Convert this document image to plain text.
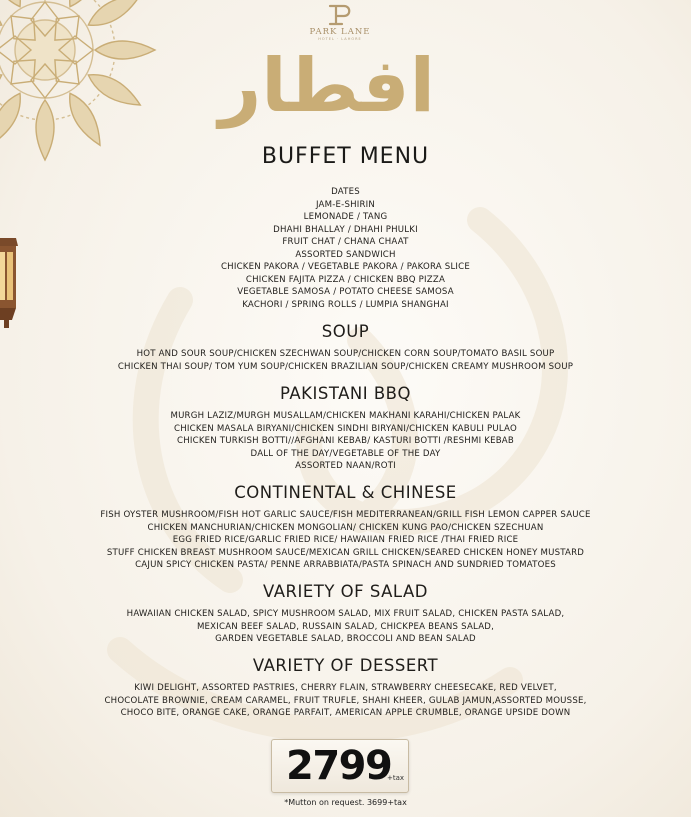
PARK LANE
HOTEL · LAHORE

افطار

BUFFET MENU
DATES
JAM-E-SHIRIN
LEMONADE / TANG
DHAHI BHALLAY / DHAHI PHULKI
FRUIT CHAT / CHANA CHAAT
ASSORTED SANDWICH
CHICKEN PAKORA / VEGETABLE PAKORA / PAKORA SLICE
CHICKEN FAJITA PIZZA / CHICKEN BBQ PIZZA
VEGETABLE SAMOSA / POTATO CHEESE SAMOSA
KACHORI / SPRING ROLLS / LUMPIA SHANGHAI
SOUP
HOT AND SOUR SOUP/CHICKEN SZECHWAN SOUP/CHICKEN CORN SOUP/TOMATO BASIL SOUP
CHICKEN THAI SOUP/ TOM YUM SOUP/CHICKEN BRAZILIAN SOUP/CHICKEN CREAMY MUSHROOM SOUP
PAKISTANI BBQ
MURGH LAZIZ/MURGH MUSALLAM/CHICKEN MAKHANI KARAHI/CHICKEN PALAK
CHICKEN MASALA BIRYANI/CHICKEN SINDHI BIRYANI/CHICKEN KABULI PULAO
CHICKEN TURKISH BOTTI//AFGHANI KEBAB/ KASTURI BOTTI /RESHMI KEBAB
DALL OF THE DAY/VEGETABLE OF THE DAY
ASSORTED NAAN/ROTI
CONTINENTAL & CHINESE
FISH OYSTER MUSHROOM/FISH HOT GARLIC SAUCE/FISH MEDITERRANEAN/GRILL FISH LEMON CAPPER SAUCE
CHICKEN MANCHURIAN/CHICKEN MONGOLIAN/ CHICKEN KUNG PAO/CHICKEN SZECHUAN
EGG FRIED RICE/GARLIC FRIED RICE/ HAWAIIAN FRIED RICE /THAI FRIED RICE
STUFF CHICKEN BREAST MUSHROOM SAUCE/MEXICAN GRILL CHICKEN/SEARED CHICKEN HONEY MUSTARD
CAJUN SPICY CHICKEN PASTA/ PENNE ARRABBIATA/PASTA SPINACH AND SUNDRIED TOMATOES
VARIETY OF SALAD
HAWAIIAN CHICKEN SALAD, SPICY MUSHROOM SALAD, MIX FRUIT SALAD, CHICKEN PASTA SALAD,
MEXICAN BEEF SALAD, RUSSAIN SALAD, CHICKPEA BEANS SALAD,
GARDEN VEGETABLE SALAD, BROCCOLI AND BEAN SALAD
VARIETY OF DESSERT
KIWI DELIGHT, ASSORTED PASTRIES, CHERRY FLAIN, STRAWBERRY CHEESECAKE, RED VELVET,
CHOCOLATE BROWNIE, CREAM CARAMEL, FRUIT TRUFLE, SHAHI KHEER, GULAB JAMUN,ASSORTED MOUSSE,
CHOCO BITE, ORANGE CAKE, ORANGE PARFAIT, AMERICAN APPLE CRUMBLE, ORANGE UPSIDE DOWN
2799
+tax

*Mutton on request. 3699+tax
